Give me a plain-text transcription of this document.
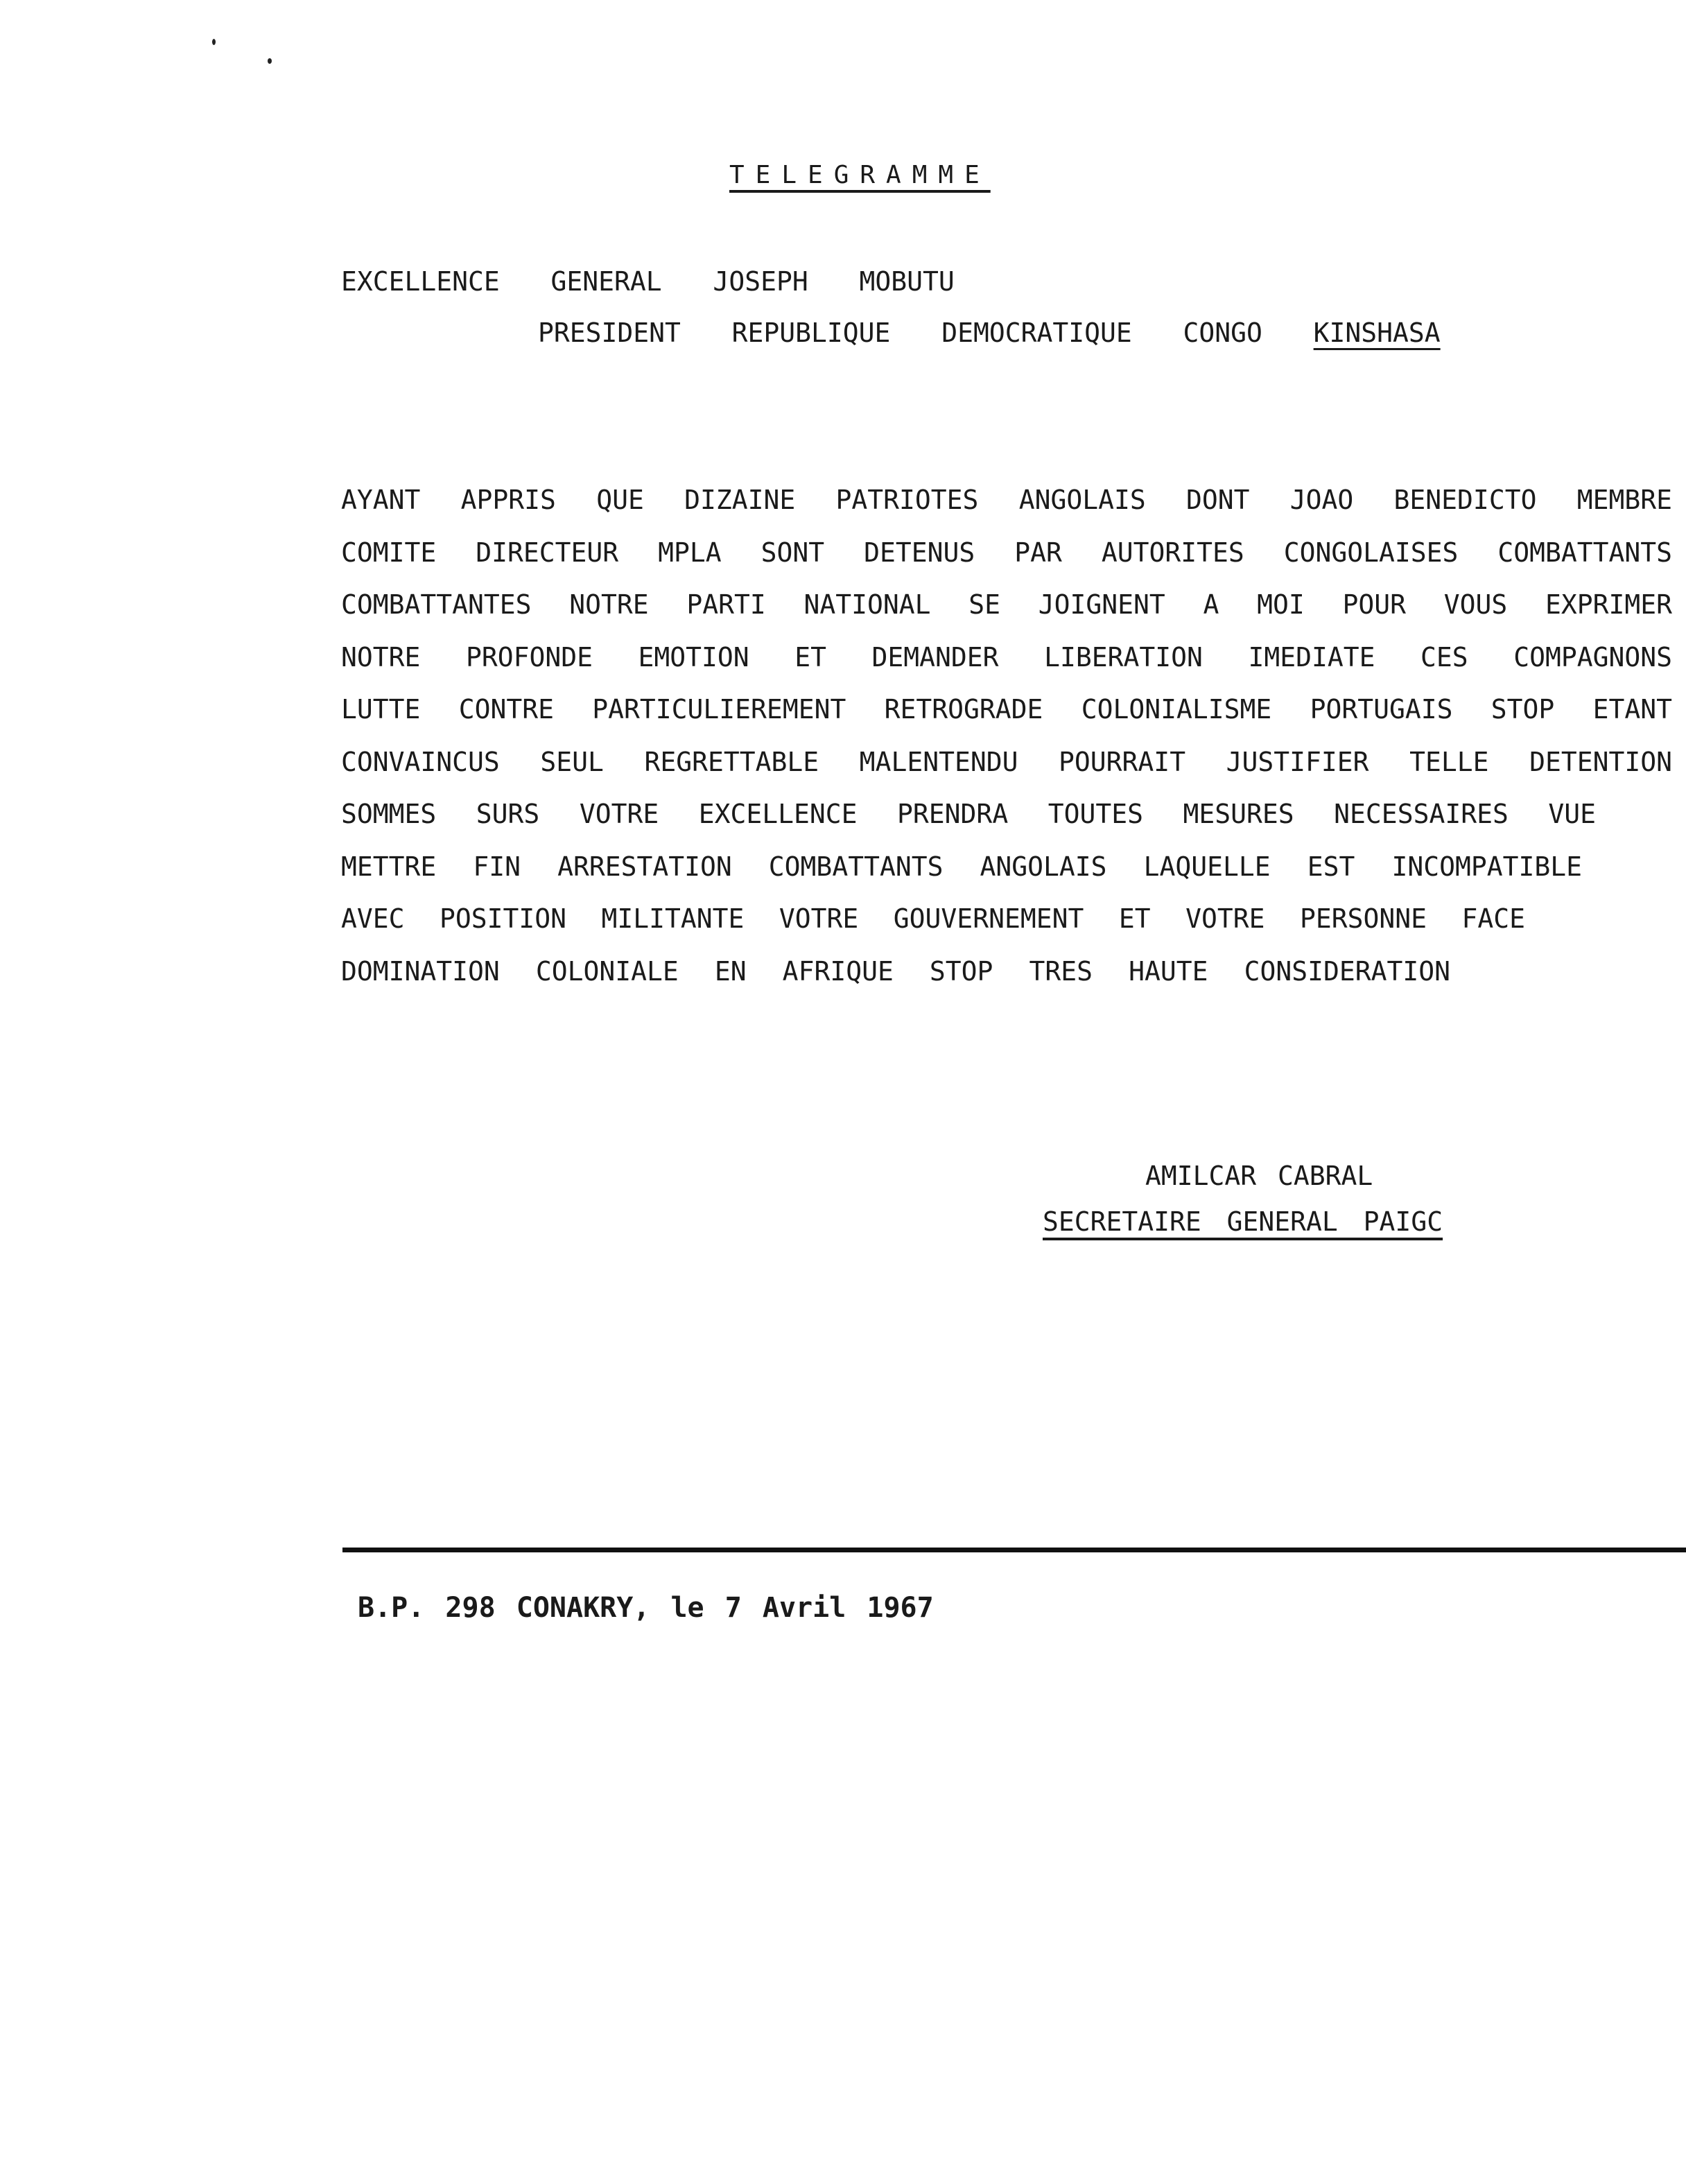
TELEGRAMME
EXCELLENCE  GENERAL  JOSEPH  MOBUTU
PRESIDENT  REPUBLIQUE  DEMOCRATIQUE  CONGO  KINSHASA
AYANT APPRIS QUE DIZAINE PATRIOTES ANGOLAIS DONT JOAO BENEDICTO MEMBRE
COMITE DIRECTEUR MPLA SONT DETENUS PAR AUTORITES CONGOLAISES COMBATTANTS
COMBATTANTES NOTRE PARTI NATIONAL SE JOIGNENT A MOI POUR VOUS EXPRIMER
NOTRE PROFONDE EMOTION ET DEMANDER LIBERATION IMEDIATE CES COMPAGNONS
LUTTE CONTRE PARTICULIEREMENT RETROGRADE COLONIALISME PORTUGAIS STOP ETANT
CONVAINCUS SEUL REGRETTABLE MALENTENDU POURRAIT JUSTIFIER TELLE DETENTION
SOMMES SURS VOTRE EXCELLENCE PRENDRA TOUTES MESURES NECESSAIRES VUE
METTRE FIN ARRESTATION COMBATTANTS ANGOLAIS LAQUELLE EST INCOMPATIBLE
AVEC POSITION MILITANTE VOTRE GOUVERNEMENT ET VOTRE PERSONNE FACE
DOMINATION COLONIALE EN AFRIQUE STOP TRES HAUTE CONSIDERATION
AMILCAR CABRAL
SECRETAIRE GENERAL PAIGC
B.P. 298 CONAKRY, le 7 Avril 1967
